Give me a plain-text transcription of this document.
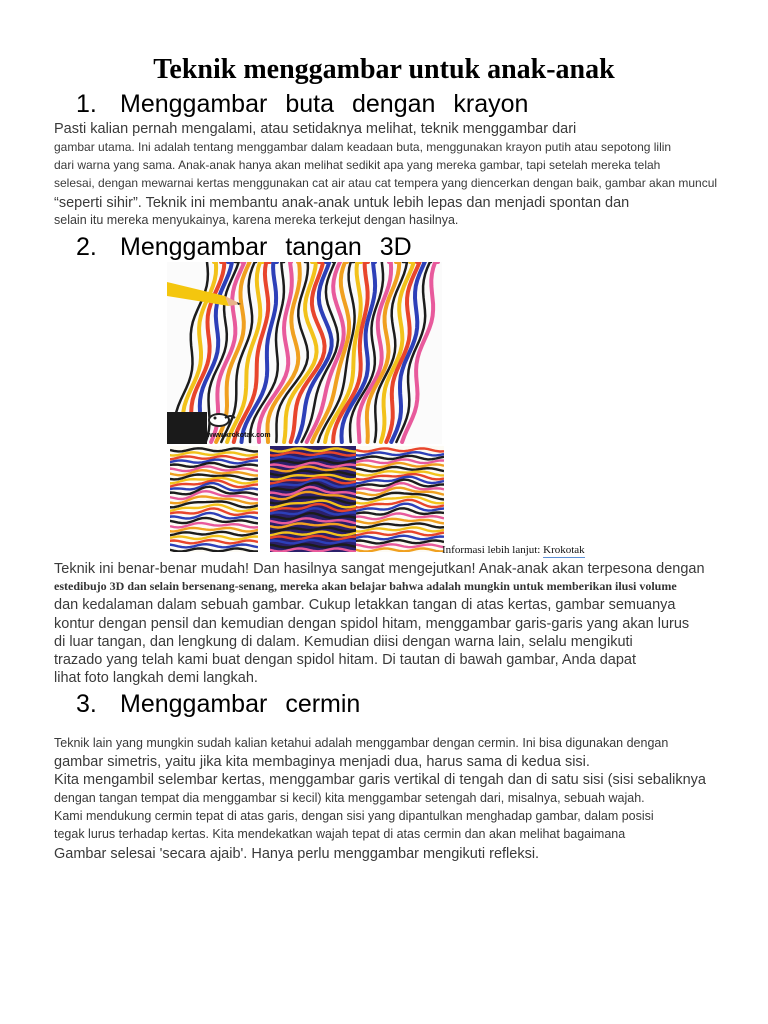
Teknik menggambar untuk anak-anak
1. Menggambar buta dengan krayon
Pasti kalian pernah mengalami, atau setidaknya melihat, teknik menggambar dari
gambar utama. Ini adalah tentang menggambar dalam keadaan buta, menggunakan krayon putih atau sepotong lilin
dari warna yang sama. Anak-anak hanya akan melihat sedikit apa yang mereka gambar, tapi setelah mereka telah
selesai, dengan mewarnai kertas menggunakan cat air atau cat tempera yang diencerkan dengan baik, gambar akan muncul
“seperti sihir”. Teknik ini membantu anak-anak untuk lebih lepas dan menjadi spontan dan
selain itu mereka menyukainya, karena mereka terkejut dengan hasilnya.
2. Menggambar tangan 3D
www.krokotak.com
Informasi lebih lanjut: Krokotak
Teknik ini benar-benar mudah! Dan hasilnya sangat mengejutkan! Anak-anak akan terpesona dengan
estedibujo 3D dan selain bersenang-senang, mereka akan belajar bahwa adalah mungkin untuk memberikan ilusi volume
dan kedalaman dalam sebuah gambar. Cukup letakkan tangan di atas kertas, gambar semuanya
kontur dengan pensil dan kemudian dengan spidol hitam, menggambar garis-garis yang akan lurus
di luar tangan, dan lengkung di dalam. Kemudian diisi dengan warna lain, selalu mengikuti
trazado yang telah kami buat dengan spidol hitam. Di tautan di bawah gambar, Anda dapat
lihat foto langkah demi langkah.
3. Menggambar cermin
Teknik lain yang mungkin sudah kalian ketahui adalah menggambar dengan cermin. Ini bisa digunakan dengan
gambar simetris, yaitu jika kita membaginya menjadi dua, harus sama di kedua sisi.
Kita mengambil selembar kertas, menggambar garis vertikal di tengah dan di satu sisi (sisi sebaliknya
dengan tangan tempat dia menggambar si kecil) kita menggambar setengah dari, misalnya, sebuah wajah.
Kami mendukung cermin tepat di atas garis, dengan sisi yang dipantulkan menghadap gambar, dalam posisi
tegak lurus terhadap kertas. Kita mendekatkan wajah tepat di atas cermin dan akan melihat bagaimana
Gambar selesai 'secara ajaib'. Hanya perlu menggambar mengikuti refleksi.
